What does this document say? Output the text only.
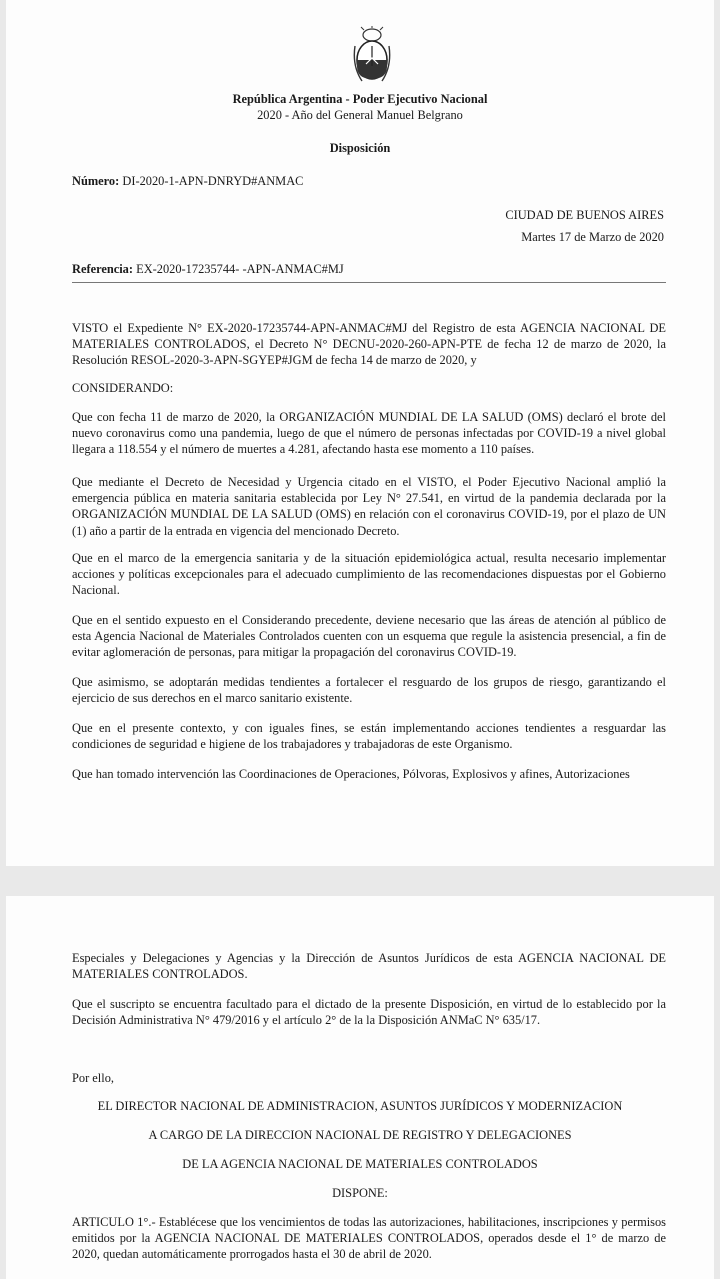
República Argentina - Poder Ejecutivo Nacional
2020 - Año del General Manuel Belgrano
Disposición
Número: DI-2020-1-APN-DNRYD#ANMAC
CIUDAD DE BUENOS AIRES
Martes 17 de Marzo de 2020
Referencia: EX-2020-17235744- -APN-ANMAC#MJ

VISTO el Expediente N° EX-2020-17235744-APN-ANMAC#MJ del Registro de esta AGENCIA NACIONAL DE MATERIALES CONTROLADOS, el Decreto N° DECNU-2020-260-APN-PTE de fecha 12 de marzo de 2020, la Resolución RESOL-2020-3-APN-SGYEP#JGM de fecha 14 de marzo de 2020, y

CONSIDERANDO:

Que con fecha 11 de marzo de 2020, la ORGANIZACIÓN MUNDIAL DE LA SALUD (OMS) declaró el brote del nuevo coronavirus como una pandemia, luego de que el número de personas infectadas por COVID-19 a nivel global llegara a 118.554 y el número de muertes a 4.281, afectando hasta ese momento a 110 países.

Que mediante el Decreto de Necesidad y Urgencia citado en el VISTO, el Poder Ejecutivo Nacional amplió la emergencia pública en materia sanitaria establecida por Ley N° 27.541, en virtud de la pandemia declarada por la ORGANIZACIÓN MUNDIAL DE LA SALUD (OMS) en relación con el coronavirus COVID-19, por el plazo de UN (1) año a partir de la entrada en vigencia del mencionado Decreto.

Que en el marco de la emergencia sanitaria y de la situación epidemiológica actual, resulta necesario implementar acciones y políticas excepcionales para el adecuado cumplimiento de las recomendaciones dispuestas por el Gobierno Nacional.

Que en el sentido expuesto en el Considerando precedente, deviene necesario que las áreas de atención al público de esta Agencia Nacional de Materiales Controlados cuenten con un esquema que regule la asistencia presencial, a fin de evitar aglomeración de personas, para mitigar la propagación del coronavirus COVID-19.

Que asimismo, se adoptarán medidas tendientes a fortalecer el resguardo de los grupos de riesgo, garantizando el ejercicio de sus derechos en el marco sanitario existente.

Que en el presente contexto, y con iguales fines, se están implementando acciones tendientes a resguardar las condiciones de seguridad e higiene de los trabajadores y trabajadoras de este Organismo.

Que han tomado intervención las Coordinaciones de Operaciones, Pólvoras, Explosivos y afines, Autorizaciones

Especiales y Delegaciones y Agencias y la Dirección de Asuntos Jurídicos de esta AGENCIA NACIONAL DE MATERIALES CONTROLADOS.

Que el suscripto se encuentra facultado para el dictado de la presente Disposición, en virtud de lo establecido por la Decisión Administrativa N° 479/2016 y el artículo 2° de la la Disposición ANMaC N° 635/17.

Por ello,
EL DIRECTOR NACIONAL DE ADMINISTRACION, ASUNTOS JURÍDICOS Y MODERNIZACION
A CARGO DE LA DIRECCION NACIONAL DE REGISTRO Y DELEGACIONES
DE LA AGENCIA NACIONAL DE MATERIALES CONTROLADOS
DISPONE:

ARTICULO 1°.- Establécese que los vencimientos de todas las autorizaciones, habilitaciones, inscripciones y permisos emitidos por la AGENCIA NACIONAL DE MATERIALES CONTROLADOS, operados desde el 1° de marzo de 2020, quedan automáticamente prorrogados hasta el 30 de abril de 2020.
